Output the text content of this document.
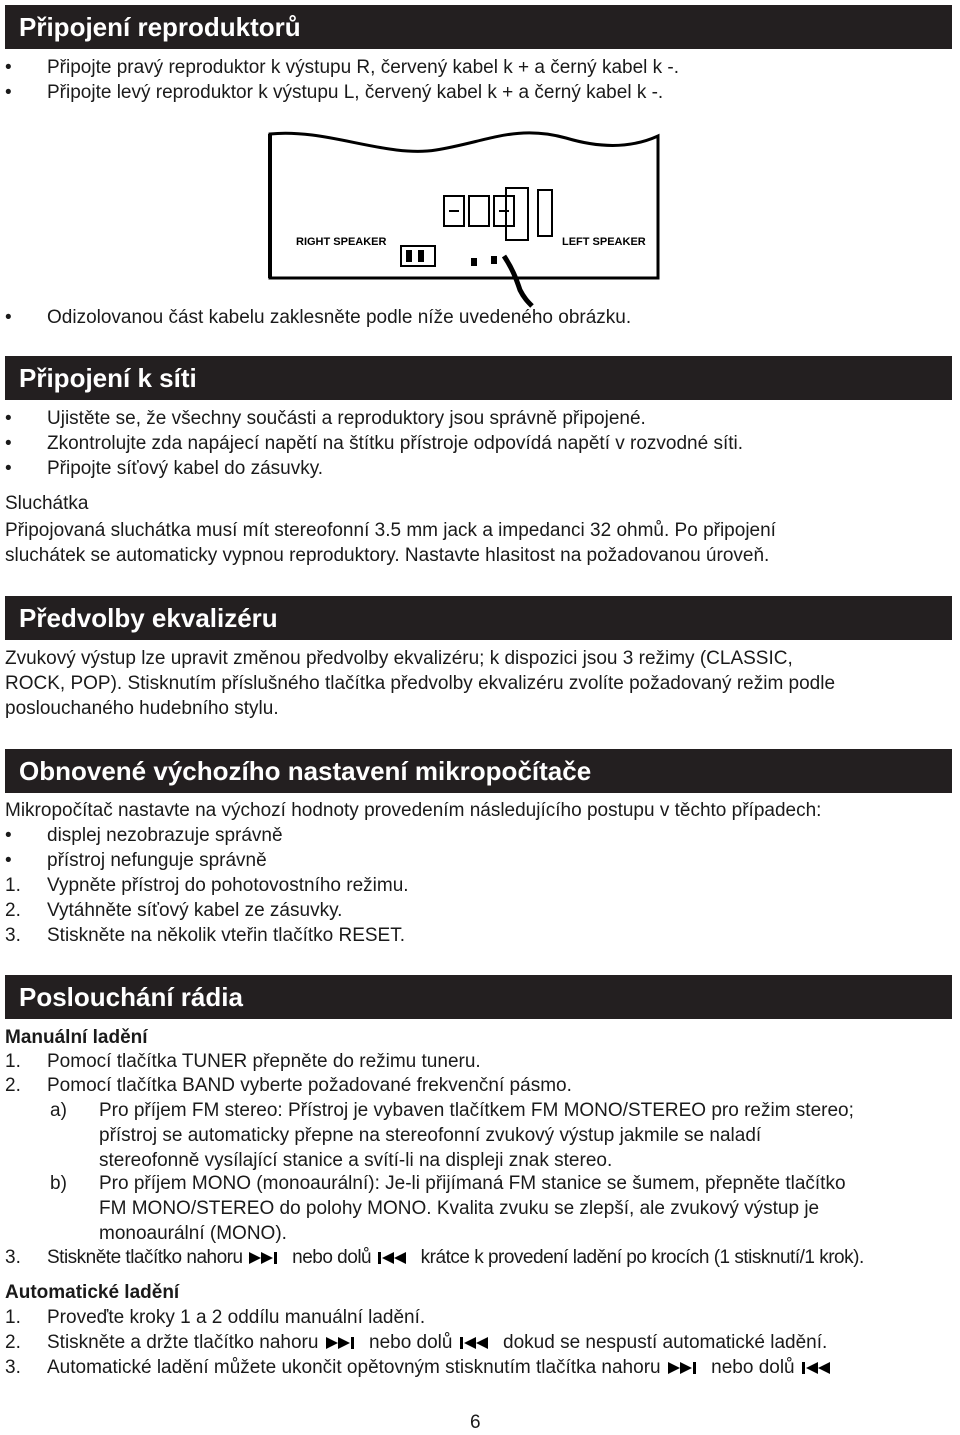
Připojení reproduktorů
• Připojte pravý reproduktor k výstupu R, červený kabel k + a černý kabel k -.
• Připojte levý reproduktor k výstupu L, červený kabel k + a černý kabel k -.
RIGHT SPEAKER	LEFT SPEAKER
• Odizolovanou část kabelu zaklesněte podle níže uvedeného obrázku.
Připojení k síti
• Ujistěte se, že všechny součásti a reproduktory jsou správně připojené.
• Zkontrolujte zda napájecí napětí na štítku přístroje odpovídá napětí v rozvodné síti.
• Připojte síťový kabel do zásuvky.
Sluchátka
Připojovaná sluchátka musí mít stereofonní 3.5 mm jack a impedanci 32 ohmů. Po připojení
sluchátek se automaticky vypnou reproduktory. Nastavte hlasitost na požadovanou úroveň.
Předvolby ekvalizéru
Zvukový výstup lze upravit změnou předvolby ekvalizéru; k dispozici jsou 3 režimy (CLASSIC,
ROCK, POP). Stisknutím příslušného tlačítka předvolby ekvalizéru zvolíte požadovaný režim podle
poslouchaného hudebního stylu.
Obnovené výchozího nastavení mikropočítače
Mikropočítač nastavte na výchozí hodnoty provedením následujícího postupu v těchto případech:
• displej nezobrazuje správně
• přístroj nefunguje správně
1. Vypněte přístroj do pohotovostního režimu.
2. Vytáhněte síťový kabel ze zásuvky.
3. Stiskněte na několik vteřin tlačítko RESET.
Poslouchání rádia
Manuální ladění
1. Pomocí tlačítka TUNER přepněte do režimu tuneru.
2. Pomocí tlačítka BAND vyberte požadované frekvenční pásmo.
a) Pro příjem FM stereo: Přístroj je vybaven tlačítkem FM MONO/STEREO pro režim stereo;
přístroj se automaticky přepne na stereofonní zvukový výstup jakmile se naladí
stereofonně vysílající stanice a svítí-li na displeji znak stereo.
b) Pro příjem MONO (monoaurální): Je-li přijímaná FM stanice se šumem, přepněte tlačítko
FM MONO/STEREO do polohy MONO. Kvalita zvuku se zlepší, ale zvukový výstup je
monoaurální (MONO).
3. Stiskněte tlačítko nahoru	nebo dolů	krátce k provedení ladění po krocích (1 stisknutí/1 krok).
Automatické ladění
1. Proveďte kroky 1 a 2 oddílu manuální ladění.
2. Stiskněte a držte tlačítko nahoru	nebo dolů	dokud se nespustí automatické ladění.
3. Automatické ladění můžete ukončit opětovným stisknutím tlačítka nahoru	nebo dolů
6
